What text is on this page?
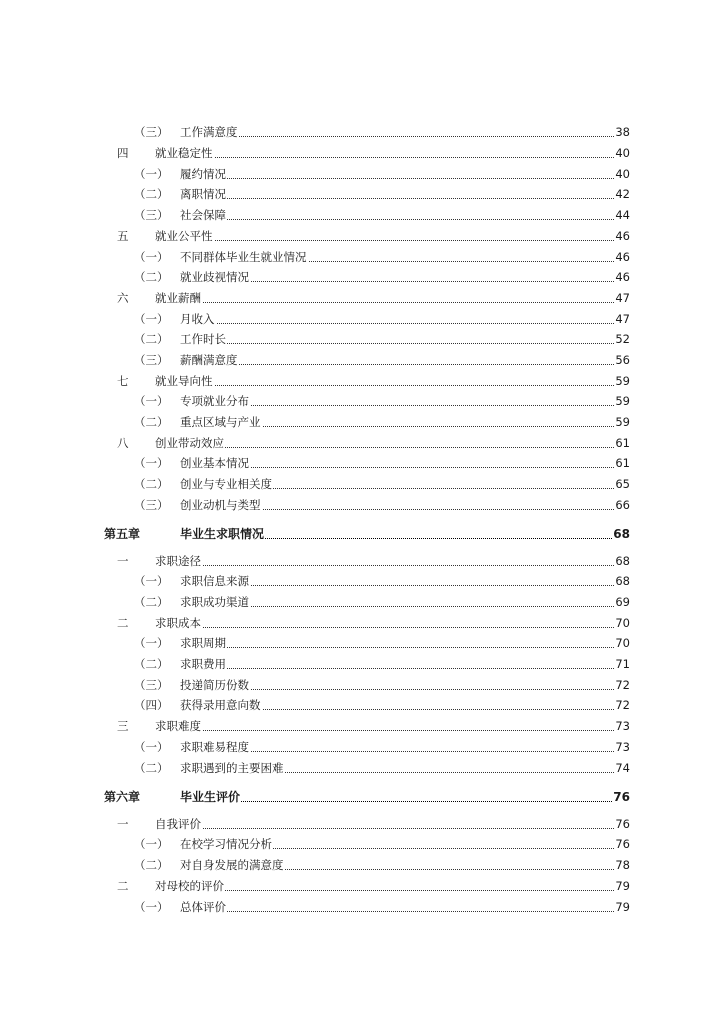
（三） 工作满意度	38
四 就业稳定性	40
（一） 履约情况	40
（二） 离职情况	42
（三） 社会保障	44
五 就业公平性	46
（一） 不同群体毕业生就业情况	46
（二） 就业歧视情况	46
六 就业薪酬	47
（一） 月收入	47
（二） 工作时长	52
（三） 薪酬满意度	56
七 就业导向性	59
（一） 专项就业分布	59
（二） 重点区域与产业	59
八 创业带动效应	61
（一） 创业基本情况	61
（二） 创业与专业相关度	65
（三） 创业动机与类型	66
第五章	毕业生求职情况	68
一 求职途径	68
（一） 求职信息来源	68
（二） 求职成功渠道	69
二 求职成本	70
（一） 求职周期	70
（二） 求职费用	71
（三） 投递简历份数	72
（四） 获得录用意向数	72
三 求职难度	73
（一） 求职难易程度	73
（二） 求职遇到的主要困难	74
第六章	毕业生评价	76
一 自我评价	76
（一） 在校学习情况分析	76
（二） 对自身发展的满意度	78
二 对母校的评价	79
（一） 总体评价	79
